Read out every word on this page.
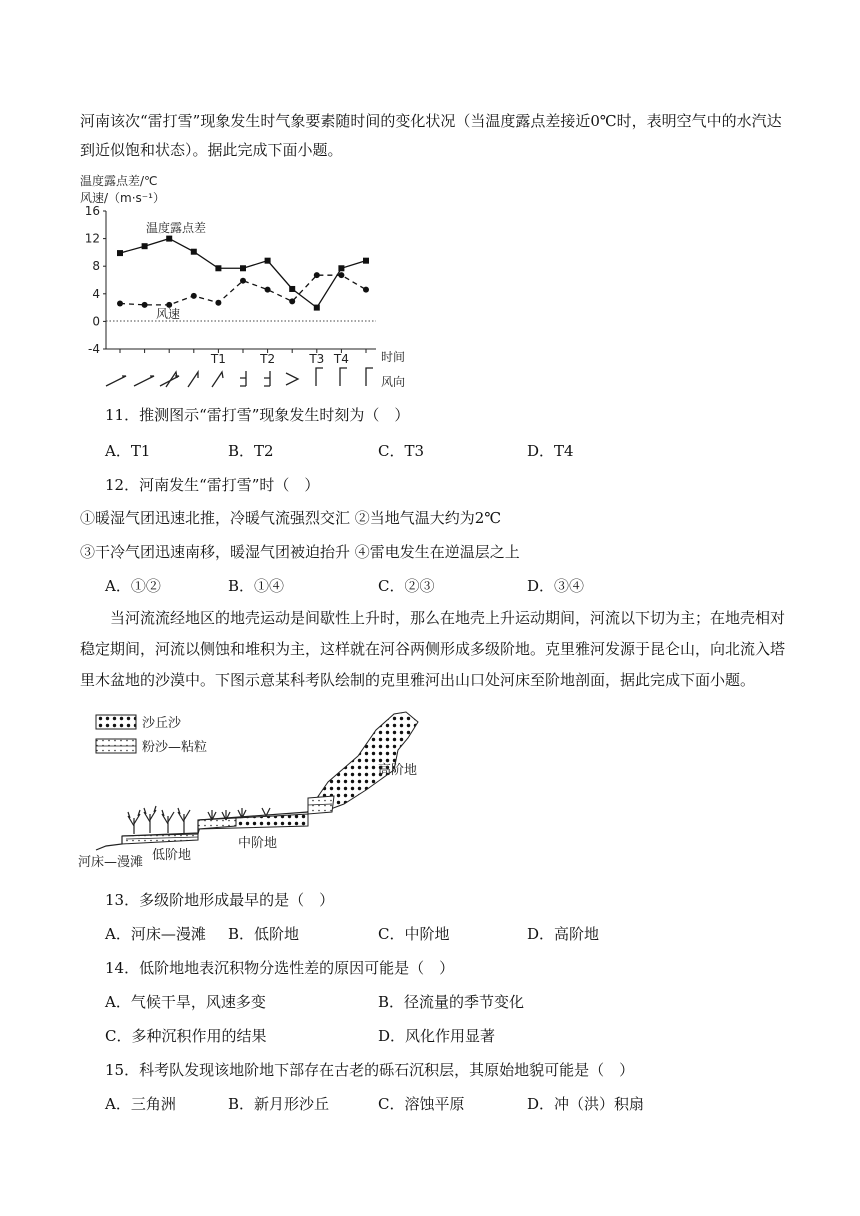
河南该次“雷打雪”现象发生时气象要素随时间的变化状况（当温度露点差接近0℃时，表明空气中的水汽达到近似饱和状态）。据此完成下面小题。

温度露点差/℃
风速/（m·s⁻¹）
16
12
8
4
0
-4
T1	T2	T3 T4	时间
温度露点差
风速
风向
11．推测图示“雷打雪”现象发生时刻为（　）
A．T1	B．T2	C．T3	D．T4
12．河南发生“雷打雪”时（　）
①暖湿气团迅速北推，冷暖气流强烈交汇 ②当地气温大约为2℃
③干冷气团迅速南移，暖湿气团被迫抬升 ④雷电发生在逆温层之上
A．①②	B．①④	C．②③	D．③④

当河流流经地区的地壳运动是间歇性上升时，那么在地壳上升运动期间，河流以下切为主；在地壳相对稳定期间，河流以侧蚀和堆积为主，这样就在河谷两侧形成多级阶地。克里雅河发源于昆仑山，向北流入塔里木盆地的沙漠中。下图示意某科考队绘制的克里雅河出山口处河床至阶地剖面，据此完成下面小题。

沙丘沙
粉沙—粘粒
高阶地
中阶地
低阶地
河床—漫滩
13．多级阶地形成最早的是（　）
A．河床—漫滩 B．低阶地	C．中阶地	D．高阶地
14．低阶地地表沉积物分选性差的原因可能是（　）
A．气候干旱，风速多变	B．径流量的季节变化
C．多种沉积作用的结果	D．风化作用显著
15．科考队发现该地阶地下部存在古老的砾石沉积层，其原始地貌可能是（　）
A．三角洲	B．新月形沙丘	C．溶蚀平原	D．冲（洪）积扇
